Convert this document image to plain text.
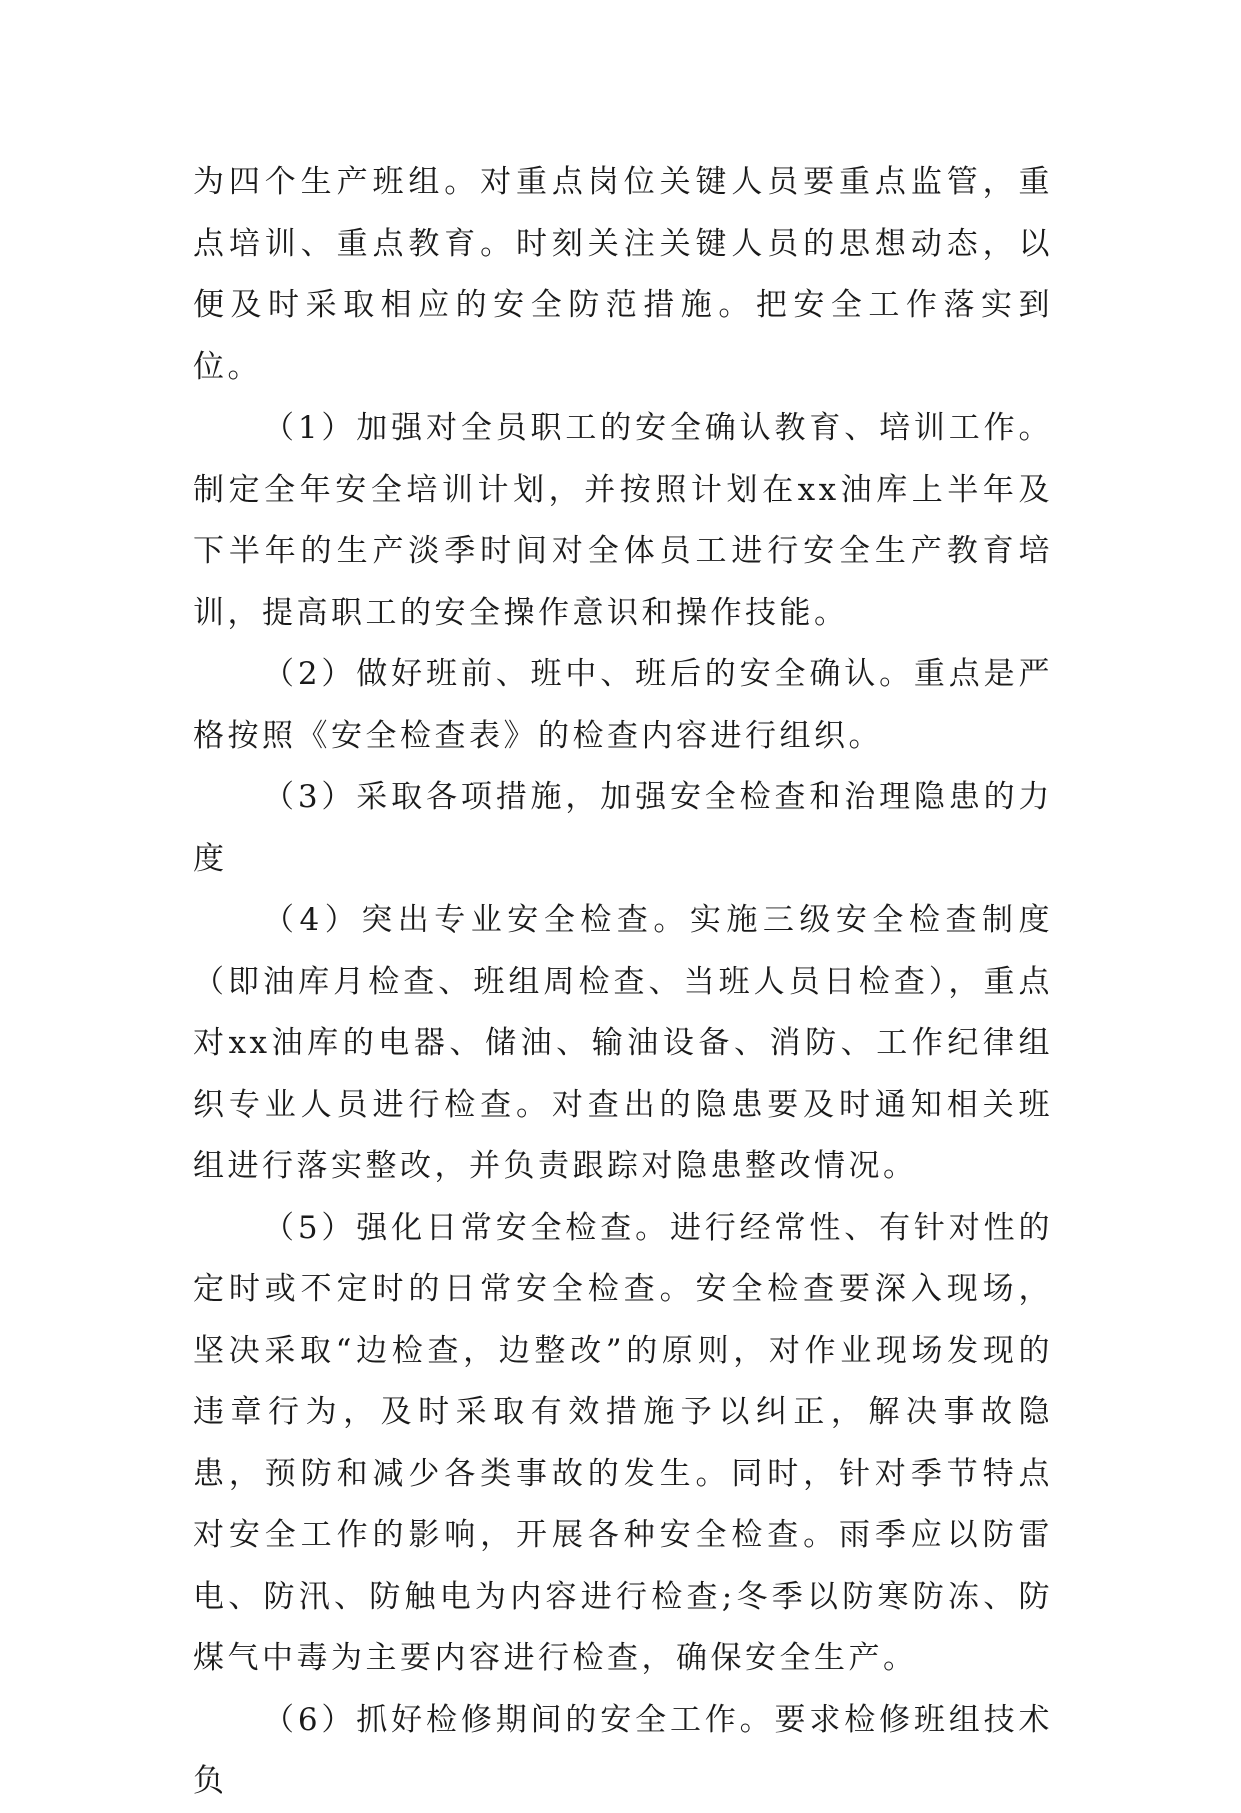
为四个生产班组。对重点岗位关键人员要重点监管，重点培训、重点教育。时刻关注关键人员的思想动态，以便及时采取相应的安全防范措施。把安全工作落实到位。

（1）加强对全员职工的安全确认教育、培训工作。制定全年安全培训计划，并按照计划在xx油库上半年及下半年的生产淡季时间对全体员工进行安全生产教育培训，提高职工的安全操作意识和操作技能。

（2）做好班前、班中、班后的安全确认。重点是严格按照《安全检查表》的检查内容进行组织。

（3）采取各项措施，加强安全检查和治理隐患的力度

（4）突出专业安全检查。实施三级安全检查制度（即油库月检查、班组周检查、当班人员日检查），重点对xx油库的电器、储油、输油设备、消防、工作纪律组织专业人员进行检查。对查出的隐患要及时通知相关班组进行落实整改，并负责跟踪对隐患整改情况。

（5）强化日常安全检查。进行经常性、有针对性的定时或不定时的日常安全检查。安全检查要深入现场，坚决采取“边检查，边整改”的原则，对作业现场发现的违章行为，及时采取有效措施予以纠正，解决事故隐患，预防和减少各类事故的发生。同时，针对季节特点对安全工作的影响，开展各种安全检查。雨季应以防雷电、防汛、防触电为内容进行检查;冬季以防寒防冻、防煤气中毒为主要内容进行检查，确保安全生产。

（6）抓好检修期间的安全工作。要求检修班组技术负
